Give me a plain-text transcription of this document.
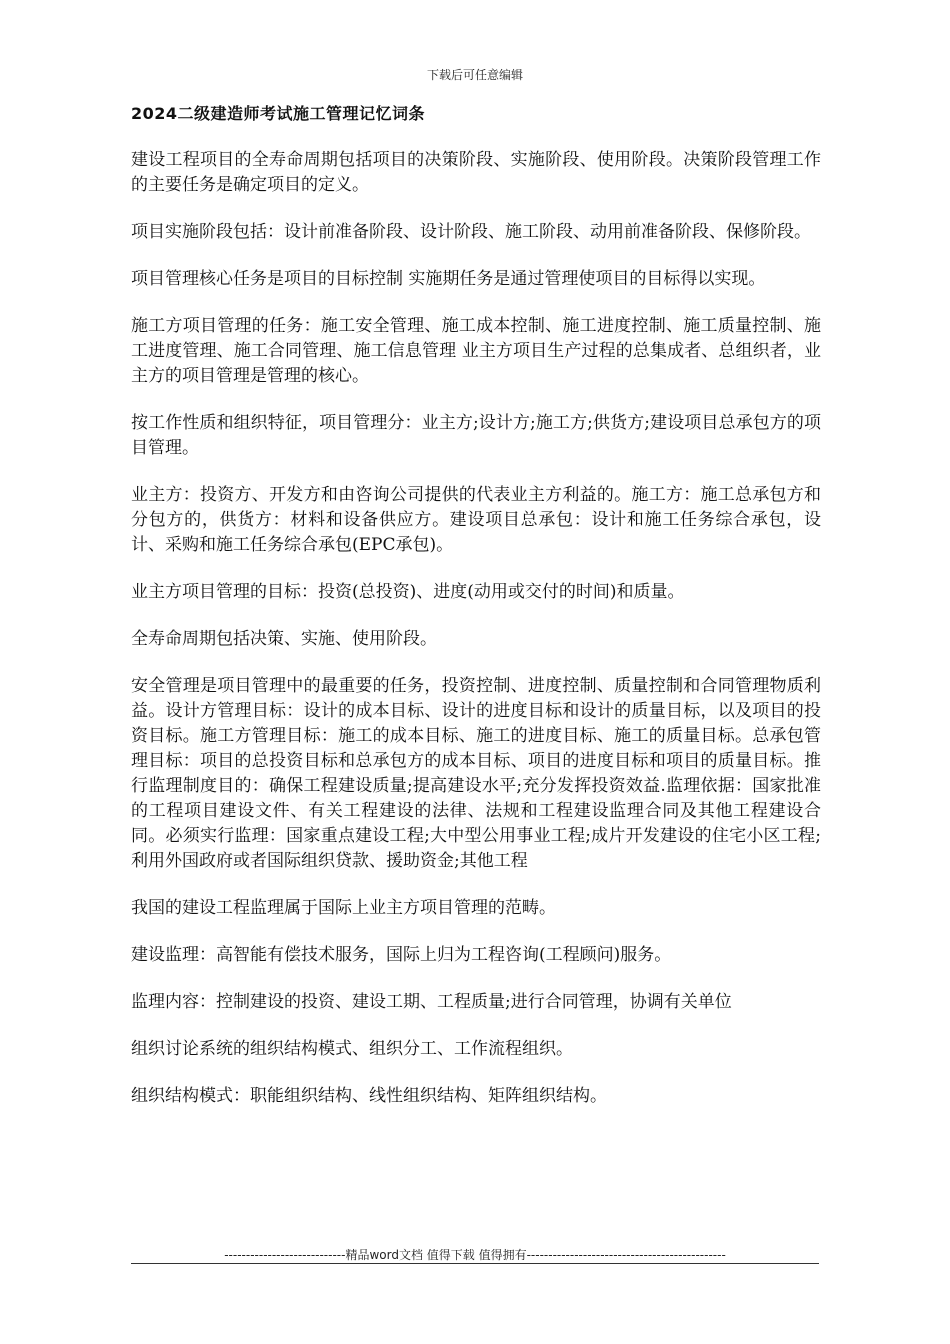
下载后可任意编辑
2024二级建造师考试施工管理记忆词条

建设工程项目的全寿命周期包括项目的决策阶段、实施阶段、使用阶段。决策阶段管理工作的主要任务是确定项目的定义。

项目实施阶段包括：设计前准备阶段、设计阶段、施工阶段、动用前准备阶段、保修阶段。

项目管理核心任务是项目的目标控制 实施期任务是通过管理使项目的目标得以实现。

施工方项目管理的任务：施工安全管理、施工成本控制、施工进度控制、施工质量控制、施工进度管理、施工合同管理、施工信息管理 业主方项目生产过程的总集成者、总组织者，业主方的项目管理是管理的核心。

按工作性质和组织特征，项目管理分：业主方;设计方;施工方;供货方;建设项目总承包方的项目管理。

业主方：投资方、开发方和由咨询公司提供的代表业主方利益的。施工方：施工总承包方和分包方的，供货方：材料和设备供应方。建设项目总承包：设计和施工任务综合承包，设计、采购和施工任务综合承包(EPC承包)。

业主方项目管理的目标：投资(总投资)、进度(动用或交付的时间)和质量。

全寿命周期包括决策、实施、使用阶段。

安全管理是项目管理中的最重要的任务，投资控制、进度控制、质量控制和合同管理物质利益。设计方管理目标：设计的成本目标、设计的进度目标和设计的质量目标，以及项目的投资目标。施工方管理目标：施工的成本目标、施工的进度目标、施工的质量目标。总承包管理目标：项目的总投资目标和总承包方的成本目标、项目的进度目标和项目的质量目标。推行监理制度目的：确保工程建设质量;提高建设水平;充分发挥投资效益.监理依据：国家批准的工程项目建设文件、有关工程建设的法律、法规和工程建设监理合同及其他工程建设合同。必须实行监理：国家重点建设工程;大中型公用事业工程;成片开发建设的住宅小区工程;利用外国政府或者国际组织贷款、援助资金;其他工程

我国的建设工程监理属于国际上业主方项目管理的范畴。

建设监理：高智能有偿技术服务，国际上归为工程咨询(工程顾问)服务。

监理内容：控制建设的投资、建设工期、工程质量;进行合同管理，协调有关单位

组织讨论系统的组织结构模式、组织分工、工作流程组织。

组织结构模式：职能组织结构、线性组织结构、矩阵组织结构。

----------------------------精品word文档 值得下载 值得拥有----------------------------------------------
